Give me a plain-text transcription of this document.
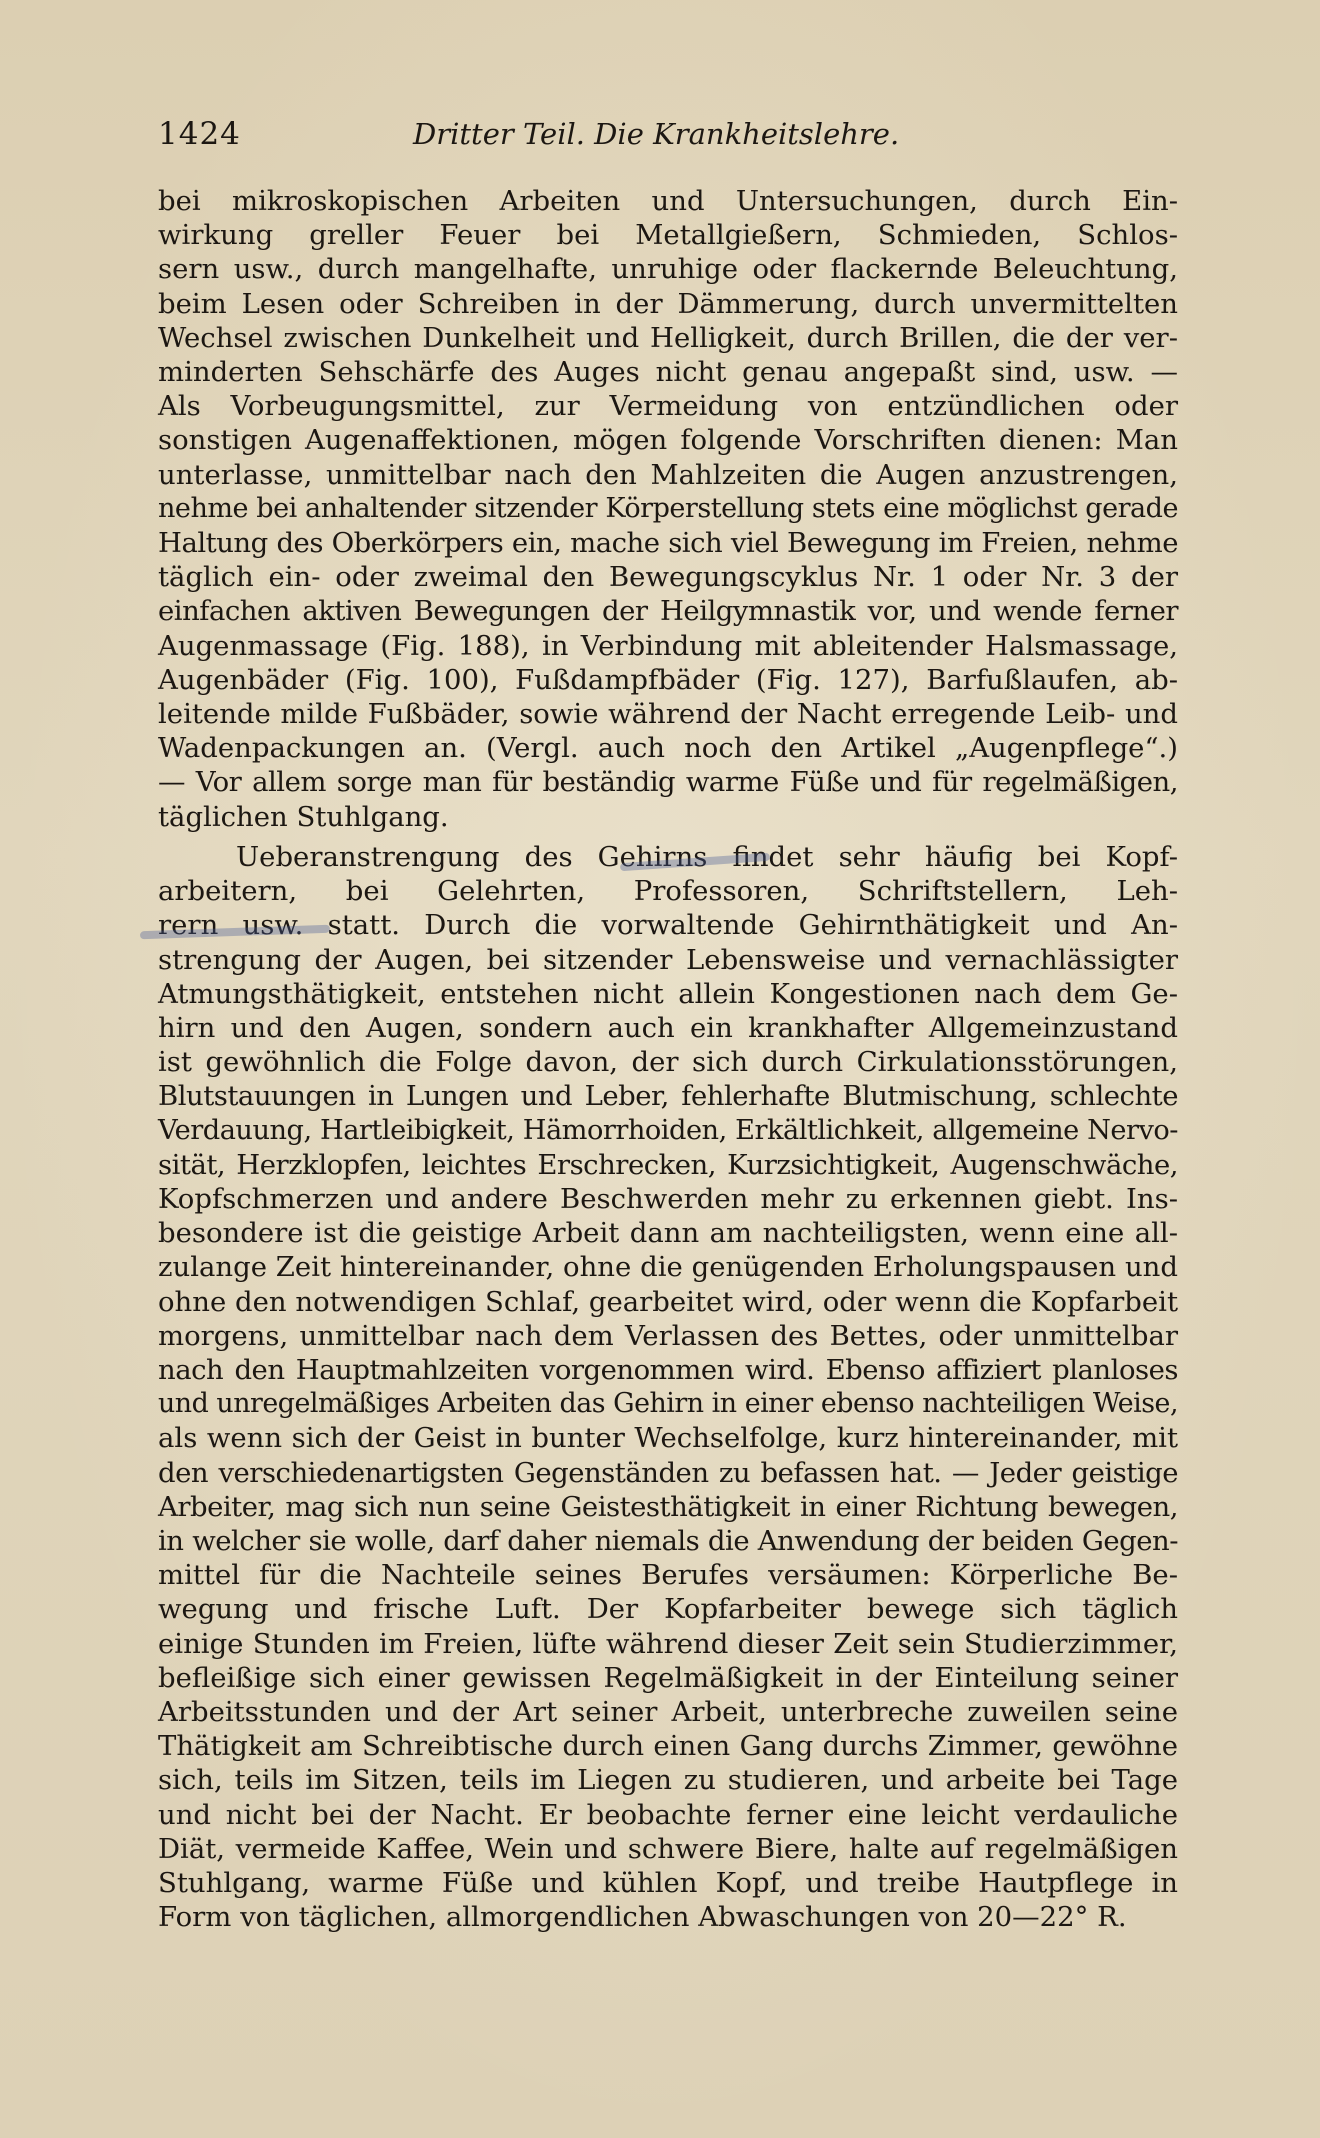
1424	Dritter Teil. Die Krankheitslehre.

bei mikroskopischen Arbeiten und Untersuchungen, durch Ein-
wirkung greller Feuer bei Metallgießern, Schmieden, Schlos-
sern usw., durch mangelhafte, unruhige oder flackernde Beleuchtung,
beim Lesen oder Schreiben in der Dämmerung, durch unvermittelten
Wechsel zwischen Dunkelheit und Helligkeit, durch Brillen, die der ver-
minderten Sehschärfe des Auges nicht genau angepaßt sind, usw. —
Als Vorbeugungsmittel, zur Vermeidung von entzündlichen oder
sonstigen Augenaffektionen, mögen folgende Vorschriften dienen: Man
unterlasse, unmittelbar nach den Mahlzeiten die Augen anzustrengen,
nehme bei anhaltender sitzender Körperstellung stets eine möglichst gerade
Haltung des Oberkörpers ein, mache sich viel Bewegung im Freien, nehme
täglich ein- oder zweimal den Bewegungscyklus Nr. 1 oder Nr. 3 der
einfachen aktiven Bewegungen der Heilgymnastik vor, und wende ferner
Augenmassage (Fig. 188), in Verbindung mit ableitender Halsmassage,
Augenbäder (Fig. 100), Fußdampfbäder (Fig. 127), Barfußlaufen, ab-
leitende milde Fußbäder, sowie während der Nacht erregende Leib- und
Wadenpackungen an. (Vergl. auch noch den Artikel „Augenpflege“.)
— Vor allem sorge man für beständig warme Füße und für regelmäßigen,
täglichen Stuhlgang.

Ueberanstrengung des Gehirns findet sehr häufig bei Kopf-
arbeitern, bei Gelehrten, Professoren, Schriftstellern, Leh-
rern usw. statt. Durch die vorwaltende Gehirnthätigkeit und An-
strengung der Augen, bei sitzender Lebensweise und vernachlässigter
Atmungsthätigkeit, entstehen nicht allein Kongestionen nach dem Ge-
hirn und den Augen, sondern auch ein krankhafter Allgemeinzustand
ist gewöhnlich die Folge davon, der sich durch Cirkulationsstörungen,
Blutstauungen in Lungen und Leber, fehlerhafte Blutmischung, schlechte
Verdauung, Hartleibigkeit, Hämorrhoiden, Erkältlichkeit, allgemeine Nervo-
sität, Herzklopfen, leichtes Erschrecken, Kurzsichtigkeit, Augenschwäche,
Kopfschmerzen und andere Beschwerden mehr zu erkennen giebt. Ins-
besondere ist die geistige Arbeit dann am nachteiligsten, wenn eine all-
zulange Zeit hintereinander, ohne die genügenden Erholungspausen und
ohne den notwendigen Schlaf, gearbeitet wird, oder wenn die Kopfarbeit
morgens, unmittelbar nach dem Verlassen des Bettes, oder unmittelbar
nach den Hauptmahlzeiten vorgenommen wird. Ebenso affiziert planloses
und unregelmäßiges Arbeiten das Gehirn in einer ebenso nachteiligen Weise,
als wenn sich der Geist in bunter Wechselfolge, kurz hintereinander, mit
den verschiedenartigsten Gegenständen zu befassen hat. — Jeder geistige
Arbeiter, mag sich nun seine Geistesthätigkeit in einer Richtung bewegen,
in welcher sie wolle, darf daher niemals die Anwendung der beiden Gegen-
mittel für die Nachteile seines Berufes versäumen: Körperliche Be-
wegung und frische Luft. Der Kopfarbeiter bewege sich täglich
einige Stunden im Freien, lüfte während dieser Zeit sein Studierzimmer,
befleißige sich einer gewissen Regelmäßigkeit in der Einteilung seiner
Arbeitsstunden und der Art seiner Arbeit, unterbreche zuweilen seine
Thätigkeit am Schreibtische durch einen Gang durchs Zimmer, gewöhne
sich, teils im Sitzen, teils im Liegen zu studieren, und arbeite bei Tage
und nicht bei der Nacht. Er beobachte ferner eine leicht verdauliche
Diät, vermeide Kaffee, Wein und schwere Biere, halte auf regelmäßigen
Stuhlgang, warme Füße und kühlen Kopf, und treibe Hautpflege in
Form von täglichen, allmorgendlichen Abwaschungen von 20—22° R.
